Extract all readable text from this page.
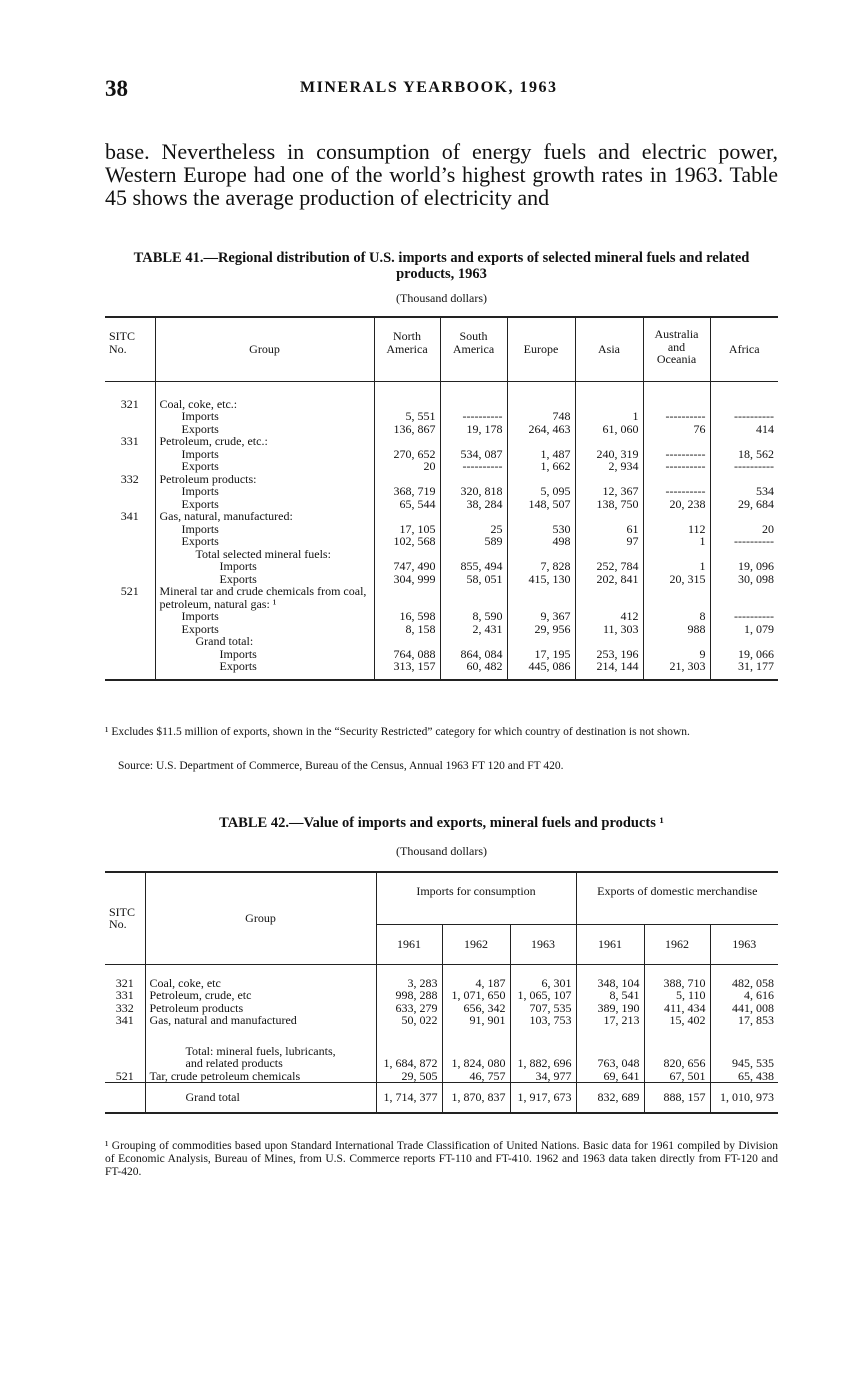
38	MINERALS YEARBOOK, 1963
base. Nevertheless in consumption of energy fuels and electric power, Western Europe had one of the world’s highest growth rates in 1963. Table 45 shows the average production of electricity and
TABLE 41.—Regional distribution of U.S. imports and exports of selected mineral fuels and related products, 1963
(Thousand dollars)
SITC No.	Group	North America	South America	Europe	Asia	Australia and Oceania	Africa
321	Coal, coke, etc.:						
	Imports	5, 551	----------	748	1	----------	----------
	Exports	136, 867	19, 178	264, 463	61, 060	76	414
331	Petroleum, crude, etc.:						
	Imports	270, 652	534, 087	1, 487	240, 319	----------	18, 562
	Exports	20	----------	1, 662	2, 934	----------	----------
332	Petroleum products:						
	Imports	368, 719	320, 818	5, 095	12, 367	----------	534
	Exports	65, 544	38, 284	148, 507	138, 750	20, 238	29, 684
341	Gas, natural, manufactured:						
	Imports	17, 105	25	530	61	112	20
	Exports	102, 568	589	498	97	1	----------
	Total selected mineral fuels:						
	Imports	747, 490	855, 494	7, 828	252, 784	1	19, 096
	Exports	304, 999	58, 051	415, 130	202, 841	20, 315	30, 098
521	Mineral tar and crude chemicals from coal, petroleum, natural gas: ¹						
	Imports	16, 598	8, 590	9, 367	412	8	----------
	Exports	8, 158	2, 431	29, 956	11, 303	988	1, 079
	Grand total:						
	Imports	764, 088	864, 084	17, 195	253, 196	9	19, 066
	Exports	313, 157	60, 482	445, 086	214, 144	21, 303	31, 177
¹ Excludes $11.5 million of exports, shown in the “Security Restricted” category for which country of destination is not shown.
Source: U.S. Department of Commerce, Bureau of the Census, Annual 1963 FT 120 and FT 420.
TABLE 42.—Value of imports and exports, mineral fuels and products ¹
(Thousand dollars)
SITC No.	Group	Imports for consumption			Exports of domestic merchandise		
		1961	1962	1963	1961	1962	1963
321	Coal, coke, etc	3, 283	4, 187	6, 301	348, 104	388, 710	482, 058
331	Petroleum, crude, etc	998, 288	1, 071, 650	1, 065, 107	8, 541	5, 110	4, 616
332	Petroleum products	633, 279	656, 342	707, 535	389, 190	411, 434	441, 008
341	Gas, natural and manufactured	50, 022	91, 901	103, 753	17, 213	15, 402	17, 853
	Total: mineral fuels, lubricants, and related products	1, 684, 872	1, 824, 080	1, 882, 696	763, 048	820, 656	945, 535
521	Tar, crude petroleum chemicals	29, 505	46, 757	34, 977	69, 641	67, 501	65, 438
	Grand total	1, 714, 377	1, 870, 837	1, 917, 673	832, 689	888, 157	1, 010, 973
¹ Grouping of commodities based upon Standard International Trade Classification of United Nations. Basic data for 1961 compiled by Division of Economic Analysis, Bureau of Mines, from U.S. Commerce reports FT-110 and FT-410. 1962 and 1963 data taken directly from FT-120 and FT-420.
